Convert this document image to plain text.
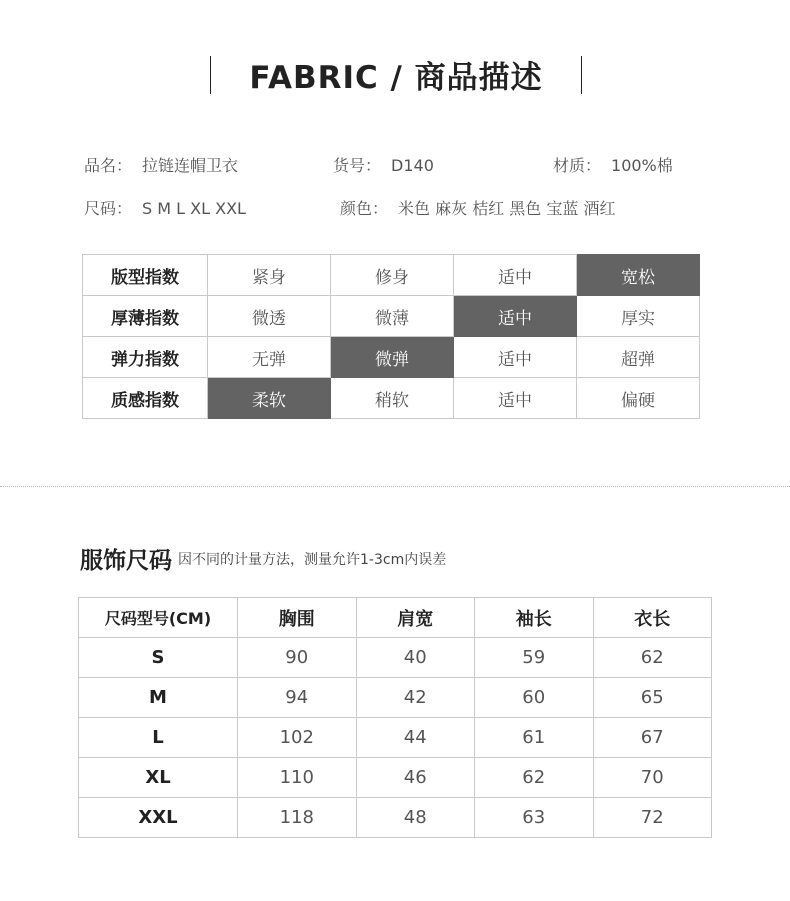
FABRIC / 商品描述
品名： 拉链连帽卫衣	货号： D140	材质： 100%棉
尺码： S M L XL XXL	颜色： 米色 麻灰 桔红 黑色 宝蓝 酒红
版型指数	紧身	修身	适中	宽松
厚薄指数	微透	微薄	适中	厚实
弹力指数	无弹	微弹	适中	超弹
质感指数	柔软	稍软	适中	偏硬
服饰尺码 因不同的计量方法，测量允许1-3cm内误差
尺码型号(CM)	胸围	肩宽	袖长	衣长
S	90	40	59	62
M	94	42	60	65
L	102	44	61	67
XL	110	46	62	70
XXL	118	48	63	72
